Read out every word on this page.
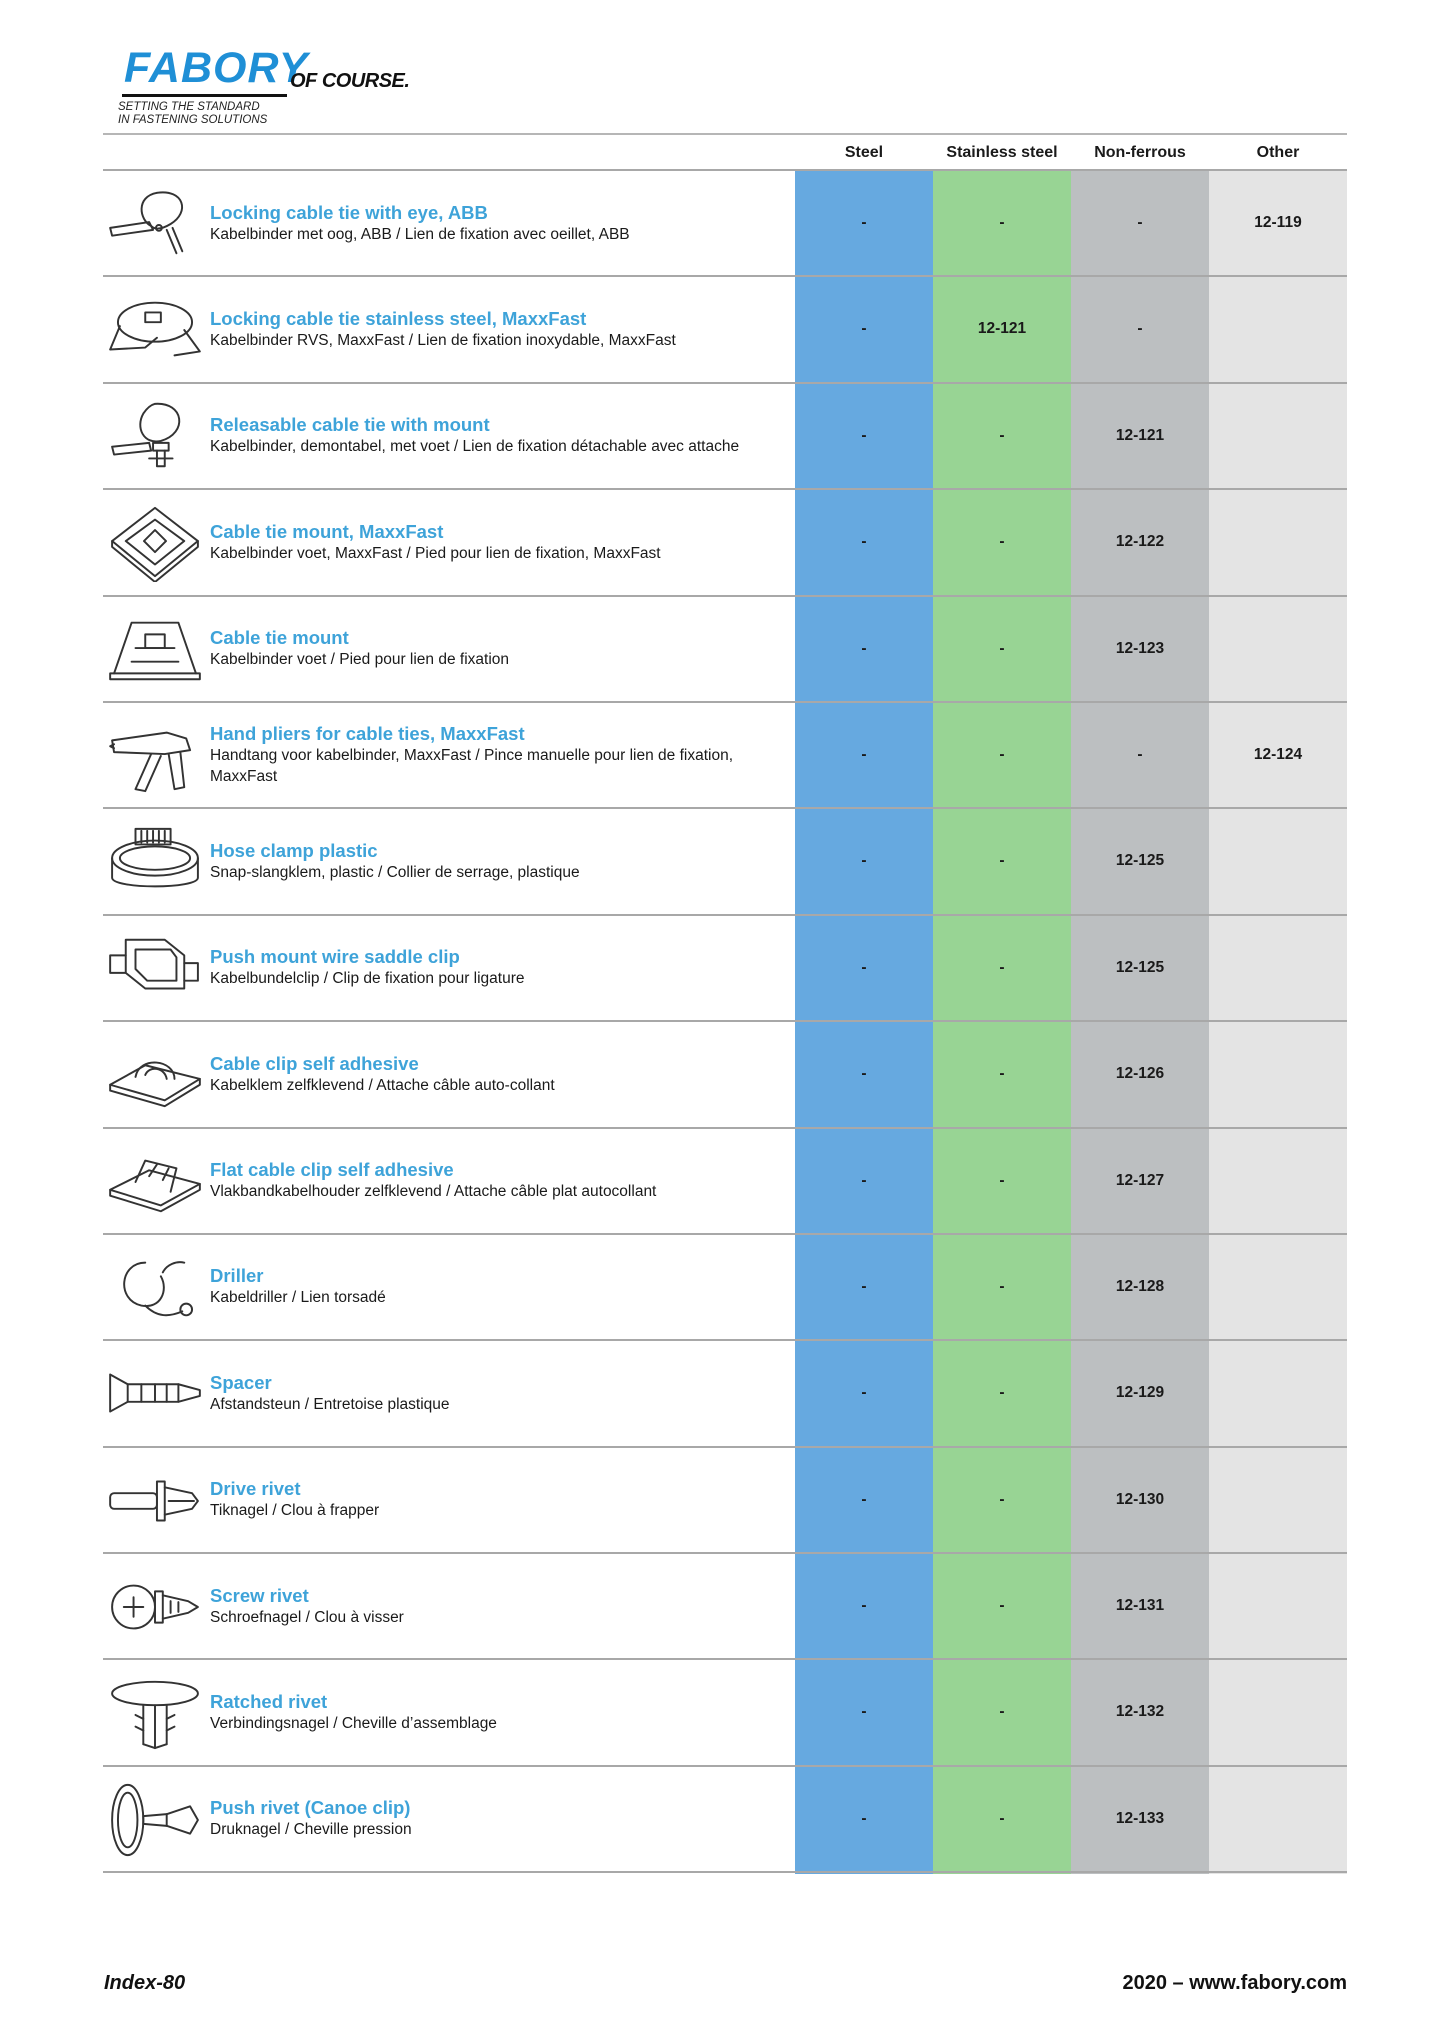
FABORY
OF COURSE.
SETTING THE STANDARD
IN FASTENING SOLUTIONS
Steel	Stainless steel	Non-ferrous	Other
Locking cable tie with eye, ABB
Kabelbinder met oog, ABB / Lien de fixation avec oeillet, ABB
-	-	-	12-119
Locking cable tie stainless steel, MaxxFast
Kabelbinder RVS, MaxxFast / Lien de fixation inoxydable, MaxxFast
-	12-121	-
Releasable cable tie with mount
Kabelbinder, demontabel, met voet / Lien de fixation détachable avec attache
-	-	12-121
Cable tie mount, MaxxFast
Kabelbinder voet, MaxxFast / Pied pour lien de fixation, MaxxFast
-	-	12-122
Cable tie mount
Kabelbinder voet / Pied pour lien de fixation
-	-	12-123
Hand pliers for cable ties, MaxxFast
Handtang voor kabelbinder, MaxxFast / Pince manuelle pour lien de fixation, MaxxFast
-	-	-	12-124
Hose clamp plastic
Snap-slangklem, plastic / Collier de serrage, plastique
-	-	12-125
Push mount wire saddle clip
Kabelbundelclip / Clip de fixation pour ligature
-	-	12-125
Cable clip self adhesive
Kabelklem zelfklevend / Attache câble auto-collant
-	-	12-126
Flat cable clip self adhesive
Vlakbandkabelhouder zelfklevend / Attache câble plat autocollant
-	-	12-127
Driller
Kabeldriller / Lien torsadé
-	-	12-128
Spacer
Afstandsteun / Entretoise plastique
-	-	12-129
Drive rivet
Tiknagel / Clou à frapper
-	-	12-130
Screw rivet
Schroefnagel / Clou à visser
-	-	12-131
Ratched rivet
Verbindingsnagel / Cheville d’assemblage
-	-	12-132
Push rivet (Canoe clip)
Druknagel / Cheville pression
-	-	12-133
Index-80	2020 – www.fabory.com
